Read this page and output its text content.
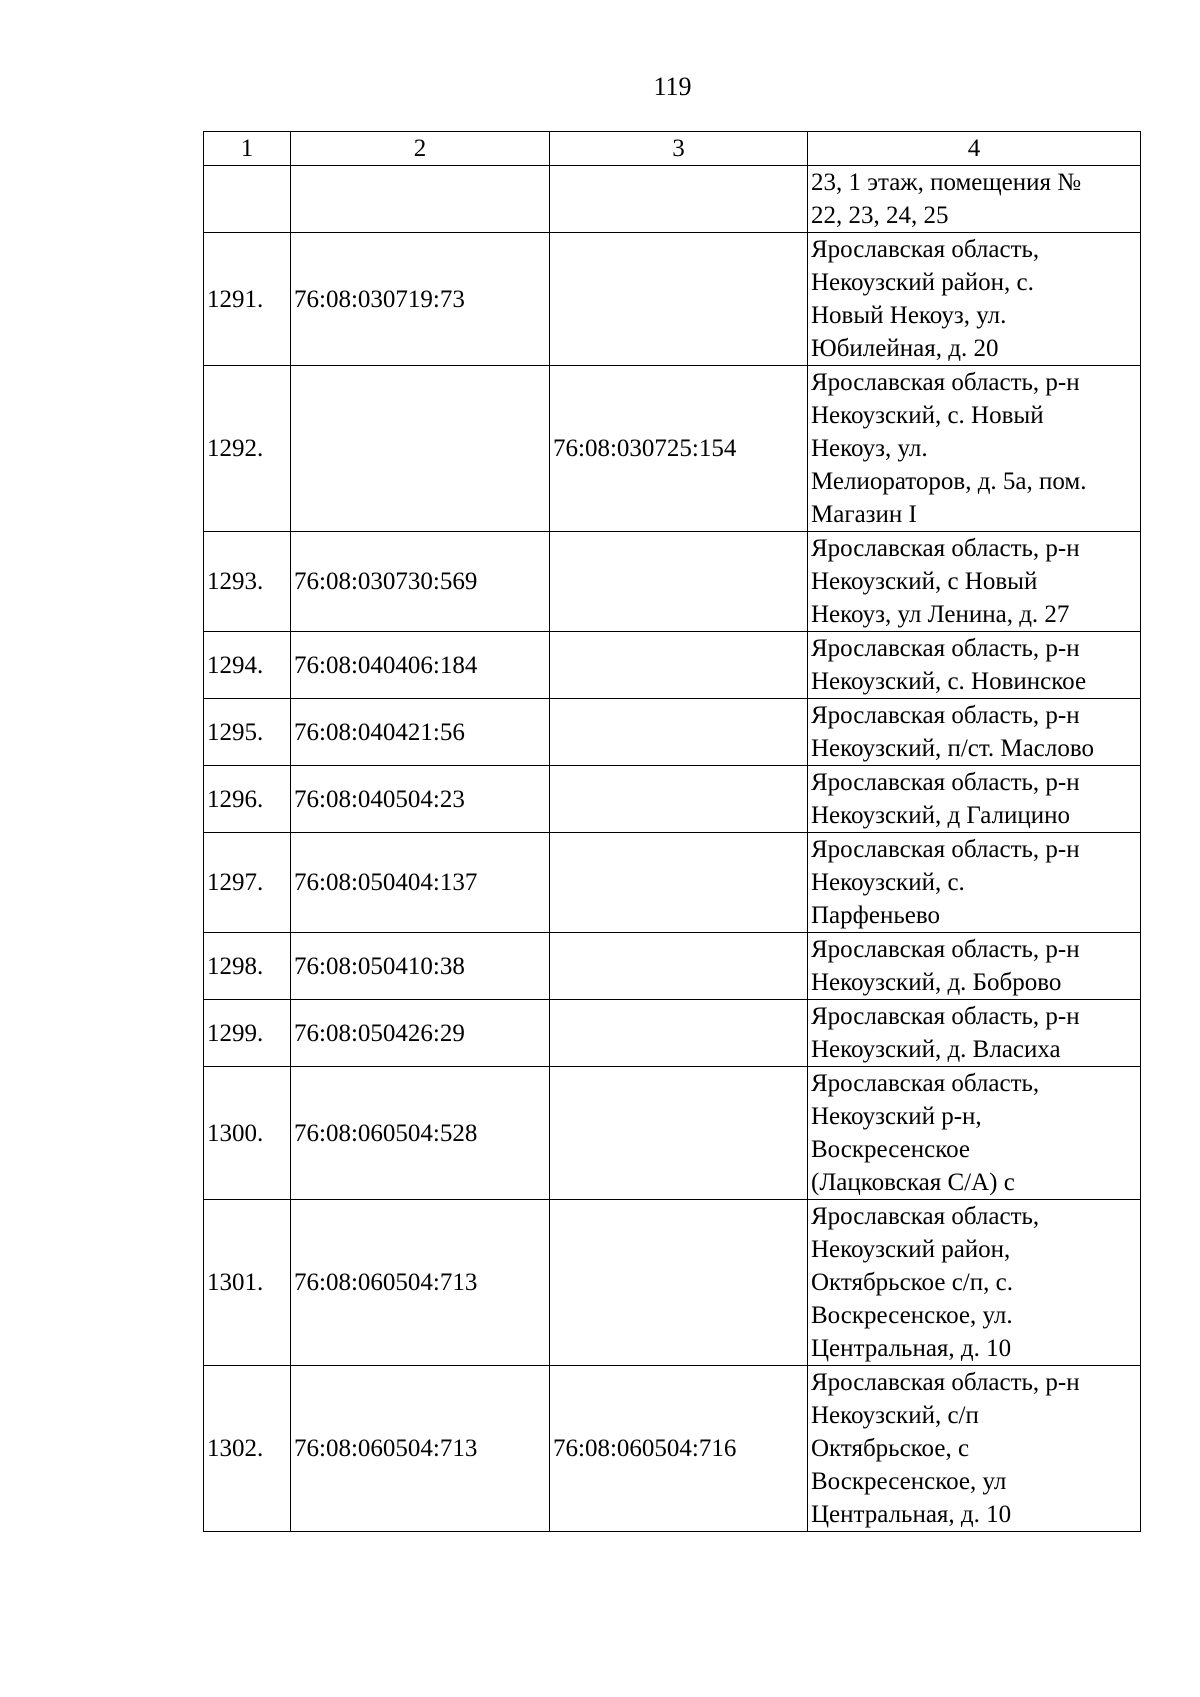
119
1	2	3	4

			23, 1 этаж, помещения №
22, 23, 24, 25

1291.	76:08:030719:73		Ярославская область,
Некоузский район, с.
Новый Некоуз, ул.
Юбилейная, д. 20

1292.		76:08:030725:154	Ярославская область, р-н
Некоузский, с. Новый
Некоуз, ул.
Мелиораторов, д. 5а, пом.
Магазин I

1293.	76:08:030730:569		Ярославская область, р-н
Некоузский, с Новый
Некоуз, ул Ленина, д. 27

1294.	76:08:040406:184		Ярославская область, р-н
Некоузский, с. Новинское

1295.	76:08:040421:56		Ярославская область, р-н
Некоузский, п/ст. Маслово

1296.	76:08:040504:23		Ярославская область, р-н
Некоузский, д Галицино

1297.	76:08:050404:137		Ярославская область, р-н
Некоузский, с.
Парфеньево

1298.	76:08:050410:38		Ярославская область, р-н
Некоузский, д. Боброво

1299.	76:08:050426:29		Ярославская область, р-н
Некоузский, д. Власиха

1300.	76:08:060504:528		Ярославская область,
Некоузский р-н,
Воскресенское
(Лацковская С/А) с

1301.	76:08:060504:713		Ярославская область,
Некоузский район,
Октябрьское с/п, с.
Воскресенское, ул.
Центральная, д. 10

1302.	76:08:060504:713	76:08:060504:716	Ярославская область, р-н
Некоузский, с/п
Октябрьское, с
Воскресенское, ул
Центральная, д. 10
